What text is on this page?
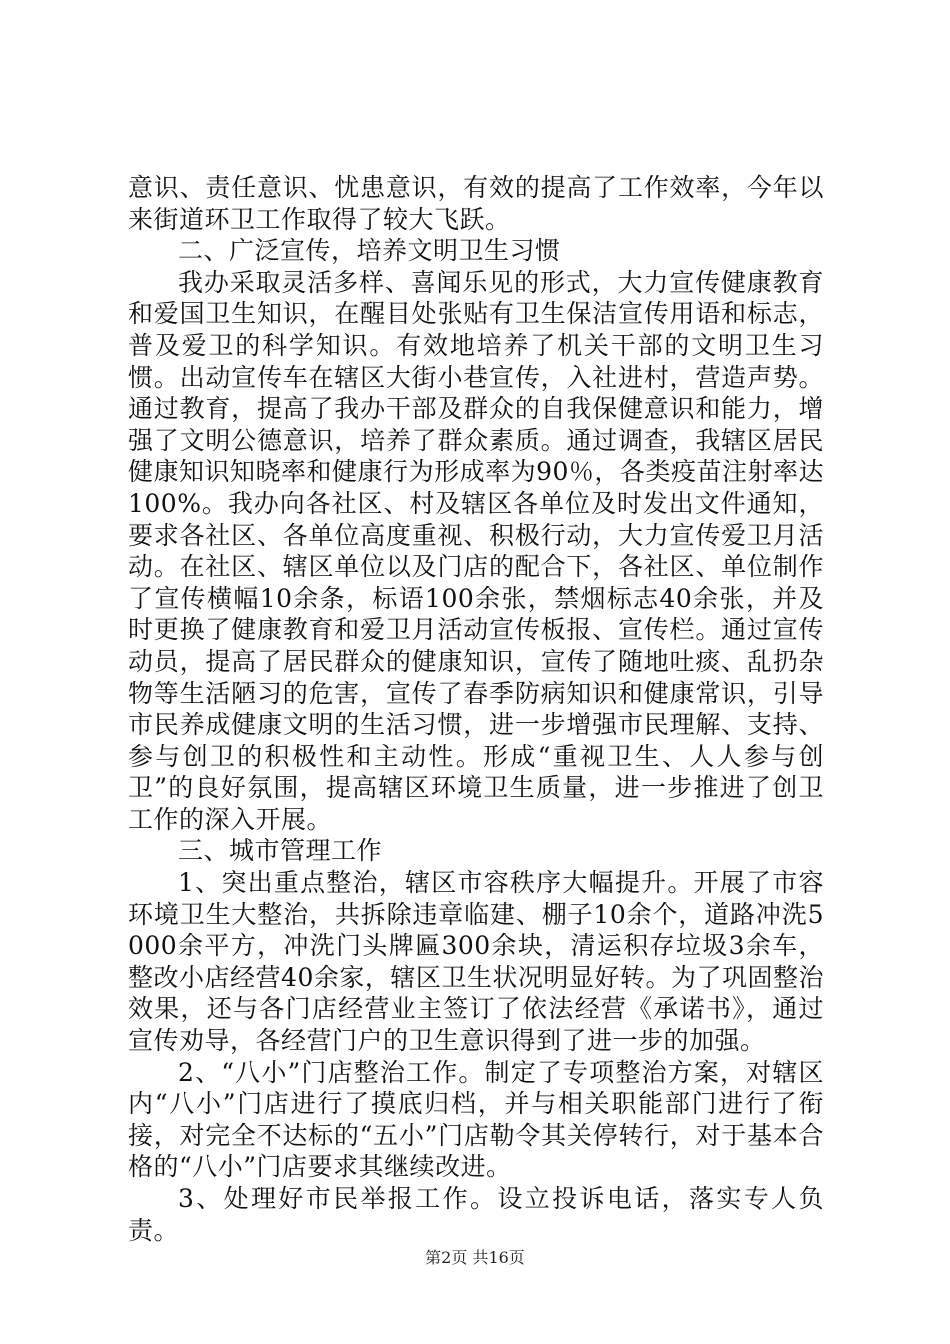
意识、责任意识、忧患意识，有效的提高了工作效率，今年以来街道环卫工作取得了较大飞跃。

二、广泛宣传，培养文明卫生习惯

我办采取灵活多样、喜闻乐见的形式，大力宣传健康教育和爱国卫生知识，在醒目处张贴有卫生保洁宣传用语和标志，普及爱卫的科学知识。有效地培养了机关干部的文明卫生习惯。出动宣传车在辖区大街小巷宣传，入社进村，营造声势。通过教育，提高了我办干部及群众的自我保健意识和能力，增强了文明公德意识，培养了群众素质。通过调查，我辖区居民健康知识知晓率和健康行为形成率为90％，各类疫苗注射率达100%。我办向各社区、村及辖区各单位及时发出文件通知，要求各社区、各单位高度重视、积极行动，大力宣传爱卫月活动。在社区、辖区单位以及门店的配合下，各社区、单位制作了宣传横幅10余条，标语100余张，禁烟标志40余张，并及时更换了健康教育和爱卫月活动宣传板报、宣传栏。通过宣传动员，提高了居民群众的健康知识，宣传了随地吐痰、乱扔杂物等生活陋习的危害，宣传了春季防病知识和健康常识，引导市民养成健康文明的生活习惯，进一步增强市民理解、支持、参与创卫的积极性和主动性。形成“重视卫生、人人参与创卫”的良好氛围，提高辖区环境卫生质量，进一步推进了创卫工作的深入开展。

三、城市管理工作

1、突出重点整治，辖区市容秩序大幅提升。开展了市容环境卫生大整治，共拆除违章临建、棚子10余个，道路冲洗5000余平方，冲洗门头牌匾300余块，清运积存垃圾3余车，整改小店经营40余家，辖区卫生状况明显好转。为了巩固整治效果，还与各门店经营业主签订了依法经营《承诺书》，通过宣传劝导，各经营门户的卫生意识得到了进一步的加强。

2、“八小”门店整治工作。制定了专项整治方案，对辖区内“八小”门店进行了摸底归档，并与相关职能部门进行了衔接，对完全不达标的“五小”门店勒令其关停转行，对于基本合格的“八小”门店要求其继续改进。

3、处理好市民举报工作。设立投诉电话，落实专人负责。

第2页 共16页
